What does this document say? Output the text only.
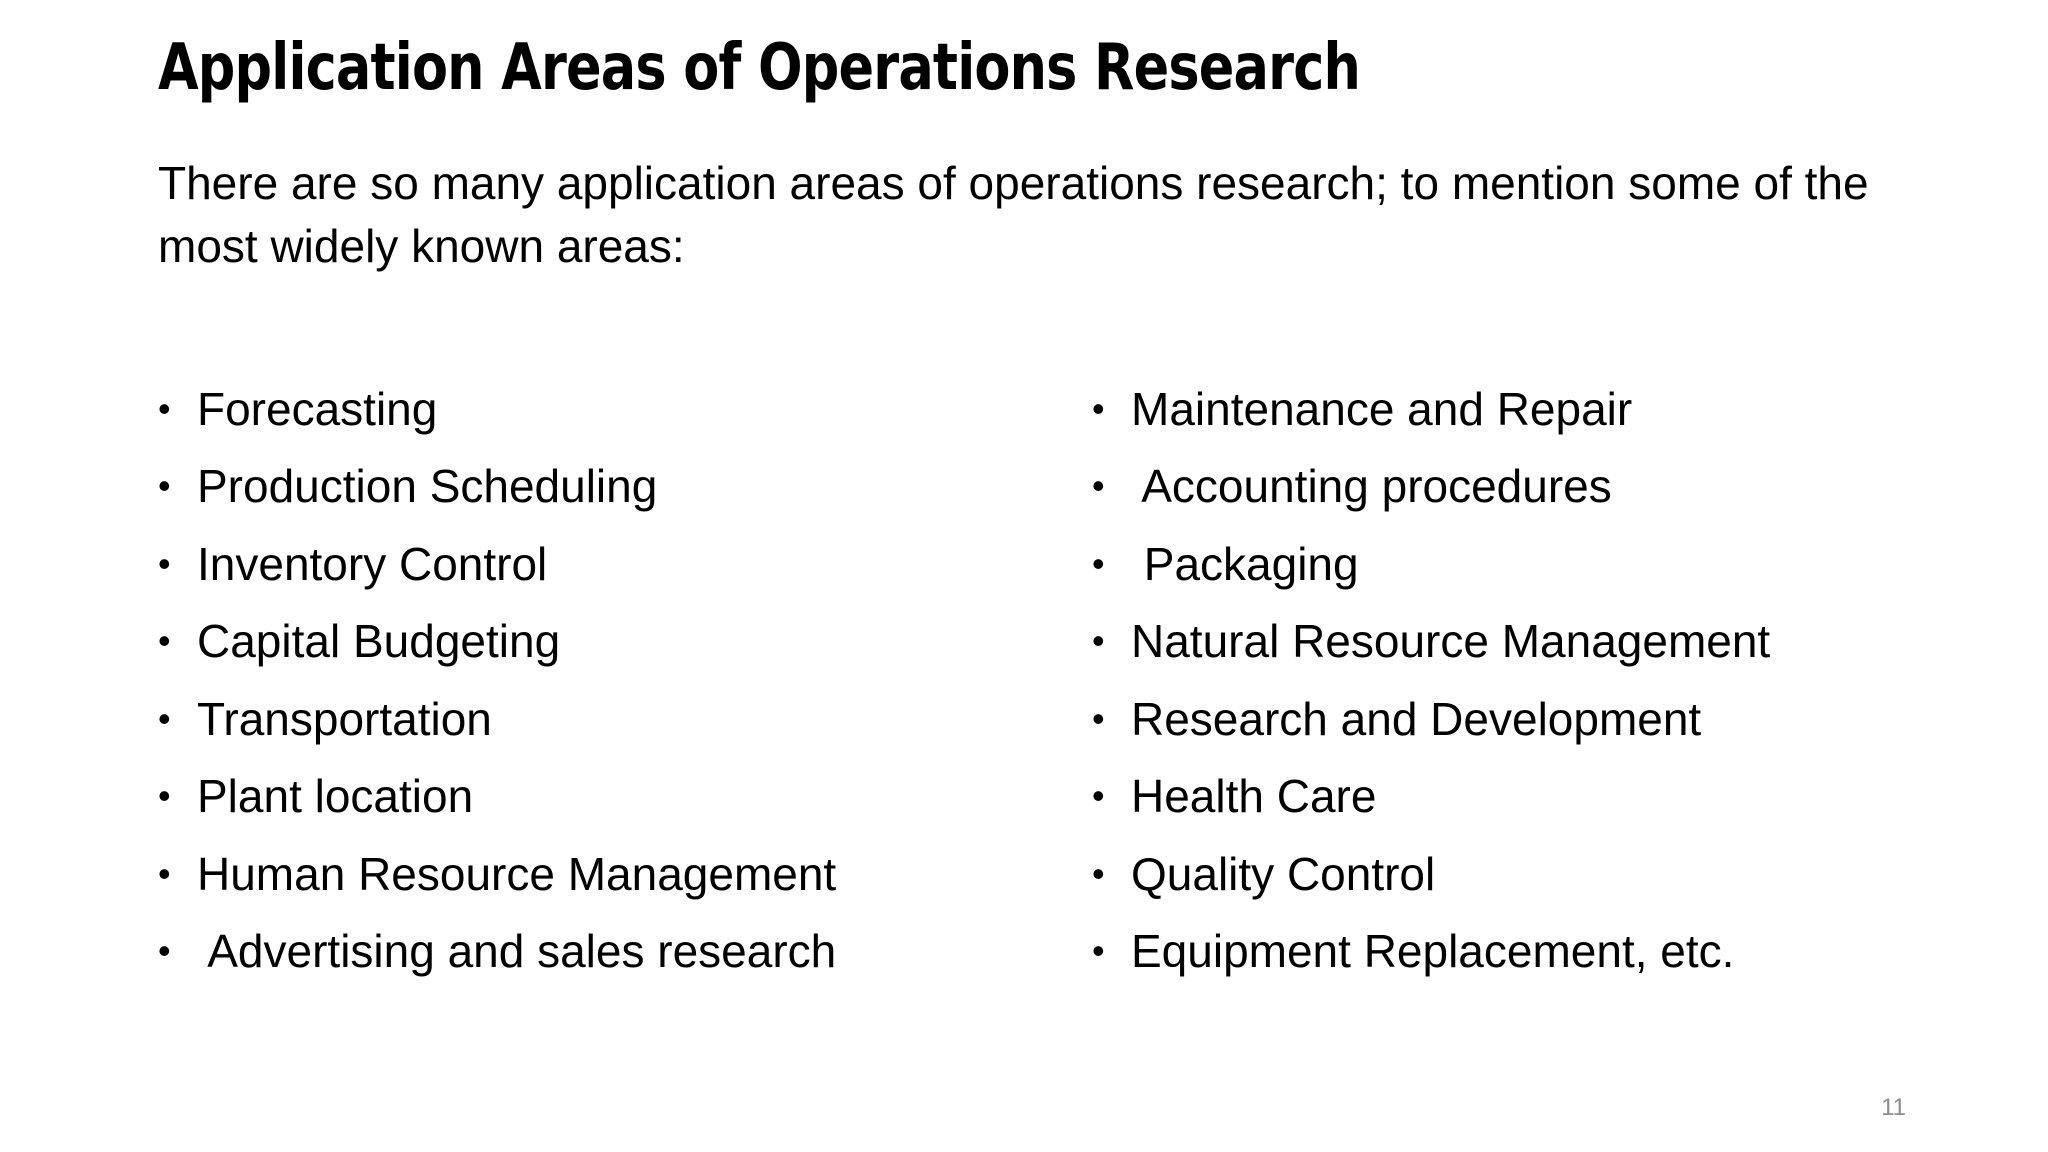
Application Areas of Operations Research

There are so many application areas of operations research; to mention some of the most widely known areas:

• Forecasting
• Production Scheduling
• Inventory Control
• Capital Budgeting
• Transportation
• Plant location
• Human Resource Management
• Advertising and sales research
• Maintenance and Repair
• Accounting procedures
• Packaging
• Natural Resource Management
• Research and Development
• Health Care
• Quality Control
• Equipment Replacement, etc.
11
